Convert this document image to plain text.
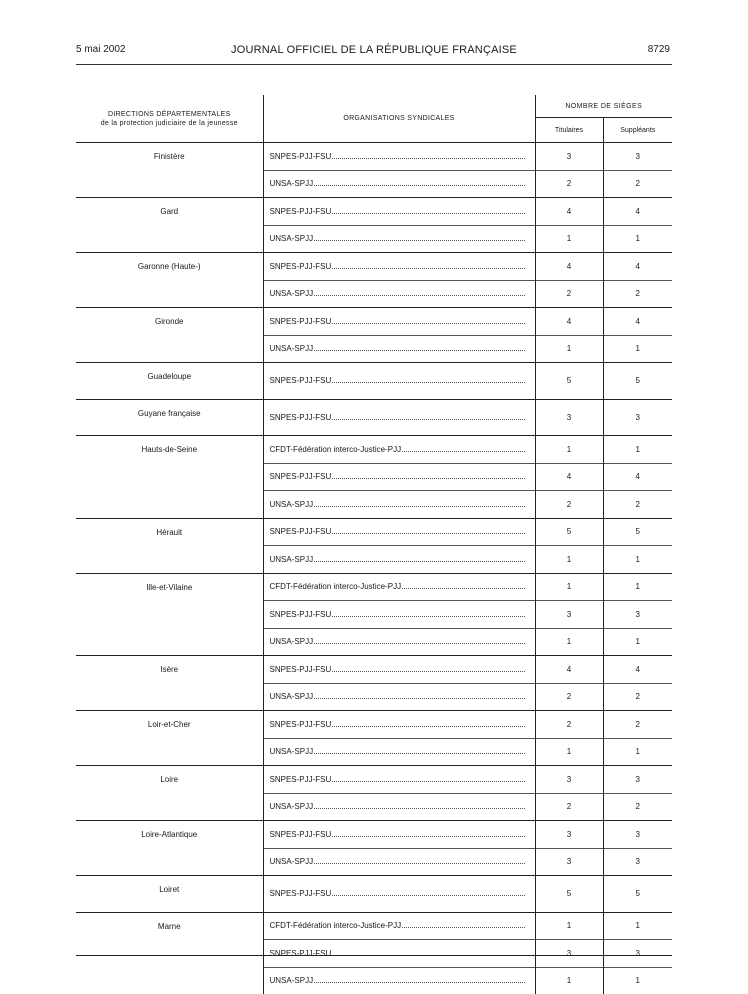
5 mai 2002	JOURNAL OFFICIEL DE LA RÉPUBLIQUE FRANÇAISE	8729
DIRECTIONS DÉPARTEMENTALES
de la protection judiciaire de la jeunesse	ORGANISATIONS SYNDICALES	NOMBRE DE SIÈGES	
		Titulaires	Suppléants
Finistère	SNPES-PJJ-FSU	3	3

	UNSA-SPJJ	2	2
Gard	SNPES-PJJ-FSU	4	4

	UNSA-SPJJ	1	1
Garonne (Haute-)	SNPES-PJJ-FSU	4	4

	UNSA-SPJJ	2	2
Gironde	SNPES-PJJ-FSU	4	4

	UNSA-SPJJ	1	1
Guadeloupe	SNPES-PJJ-FSU	5	5
Guyane française	SNPES-PJJ-FSU	3	3
Hauts-de-Seine	CFDT-Fédération interco-Justice-PJJ	1	1

	SNPES-PJJ-FSU	4	4

	UNSA-SPJJ	2	2
Hérault	SNPES-PJJ-FSU	5	5

	UNSA-SPJJ	1	1
Ille-et-Vilaine	CFDT-Fédération interco-Justice-PJJ	1	1

	SNPES-PJJ-FSU	3	3

	UNSA-SPJJ	1	1
Isère	SNPES-PJJ-FSU	4	4

	UNSA-SPJJ	2	2
Loir-et-Cher	SNPES-PJJ-FSU	2	2

	UNSA-SPJJ	1	1
Loire	SNPES-PJJ-FSU	3	3

	UNSA-SPJJ	2	2
Loire-Atlantique	SNPES-PJJ-FSU	3	3

	UNSA-SPJJ	3	3
Loiret	SNPES-PJJ-FSU	5	5
Marne	CFDT-Fédération interco-Justice-PJJ	1	1

	SNPES-PJJ-FSU	3	3

	UNSA-SPJJ	1	1
